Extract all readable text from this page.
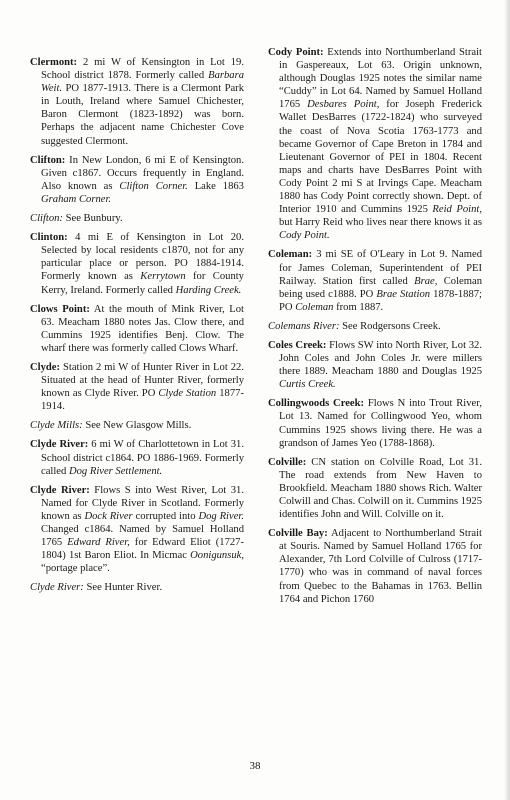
Clermont: 2 mi W of Kensington in Lot 19. School district 1878. Formerly called Barbara Weit. PO 1877-1913. There is a Clermont Park in Louth, Ireland where Samuel Chichester, Baron Clermont (1823-1892) was born. Perhaps the adjacent name Chichester Cove suggested Clermont.

Clifton: In New London, 6 mi E of Kensington. Given c1867. Occurs frequently in England. Also known as Clifton Corner. Lake 1863 Graham Corner.

Clifton: See Bunbury.

Clinton: 4 mi E of Kensington in Lot 20. Selected by local residents c1870, not for any particular place or person. PO 1884-1914. Formerly known as Kerrytown for County Kerry, Ireland. Formerly called Harding Creek.

Clows Point: At the mouth of Mink River, Lot 63. Meacham 1880 notes Jas. Clow there, and Cummins 1925 identifies Benj. Clow. The wharf there was formerly called Clows Wharf.

Clyde: Station 2 mi W of Hunter River in Lot 22. Situated at the head of Hunter River, formerly known as Clyde River. PO Clyde Station 1877-1914.

Clyde Mills: See New Glasgow Mills.

Clyde River: 6 mi W of Charlottetown in Lot 31. School district c1864. PO 1886-1969. Formerly called Dog River Settlement.

Clyde River: Flows S into West River, Lot 31. Named for Clyde River in Scotland. Formerly known as Dock River corrupted into Dog River. Changed c1864. Named by Samuel Holland 1765 Edward River, for Edward Eliot (1727-1804) 1st Baron Eliot. In Micmac Oonigunsuk, “portage place”.

Clyde River: See Hunter River.

Cody Point: Extends into Northumberland Strait in Gaspereaux, Lot 63. Origin unknown, although Douglas 1925 notes the similar name “Cuddy” in Lot 64. Named by Samuel Holland 1765 Desbares Point, for Joseph Frederick Wallet DesBarres (1722-1824) who surveyed the coast of Nova Scotia 1763-1773 and became Governor of Cape Breton in 1784 and Lieutenant Governor of PEI in 1804. Recent maps and charts have DesBarres Point with Cody Point 2 mi S at Irvings Cape. Meacham 1880 has Cody Point correctly shown. Dept. of Interior 1910 and Cummins 1925 Reid Point, but Harry Reid who lives near there knows it as Cody Point.

Coleman: 3 mi SE of O'Leary in Lot 9. Named for James Coleman, Superintendent of PEI Railway. Station first called Brae, Coleman being used c1888. PO Brae Station 1878-1887; PO Coleman from 1887.

Colemans River: See Rodgersons Creek.

Coles Creek: Flows SW into North River, Lot 32. John Coles and John Coles Jr. were millers there 1889. Meacham 1880 and Douglas 1925 Curtis Creek.

Collingwoods Creek: Flows N into Trout River, Lot 13. Named for Collingwood Yeo, whom Cummins 1925 shows living there. He was a grandson of James Yeo (1788-1868).

Colville: CN station on Colville Road, Lot 31. The road extends from New Haven to Brookfield. Meacham 1880 shows Rich. Walter Colwill and Chas. Colwill on it. Cummins 1925 identifies John and Will. Colville on it.

Colville Bay: Adjacent to Northumberland Strait at Souris. Named by Samuel Holland 1765 for Alexander, 7th Lord Colville of Culross (1717-1770) who was in command of naval forces from Quebec to the Bahamas in 1763. Bellin 1764 and Pichon 1760

38
